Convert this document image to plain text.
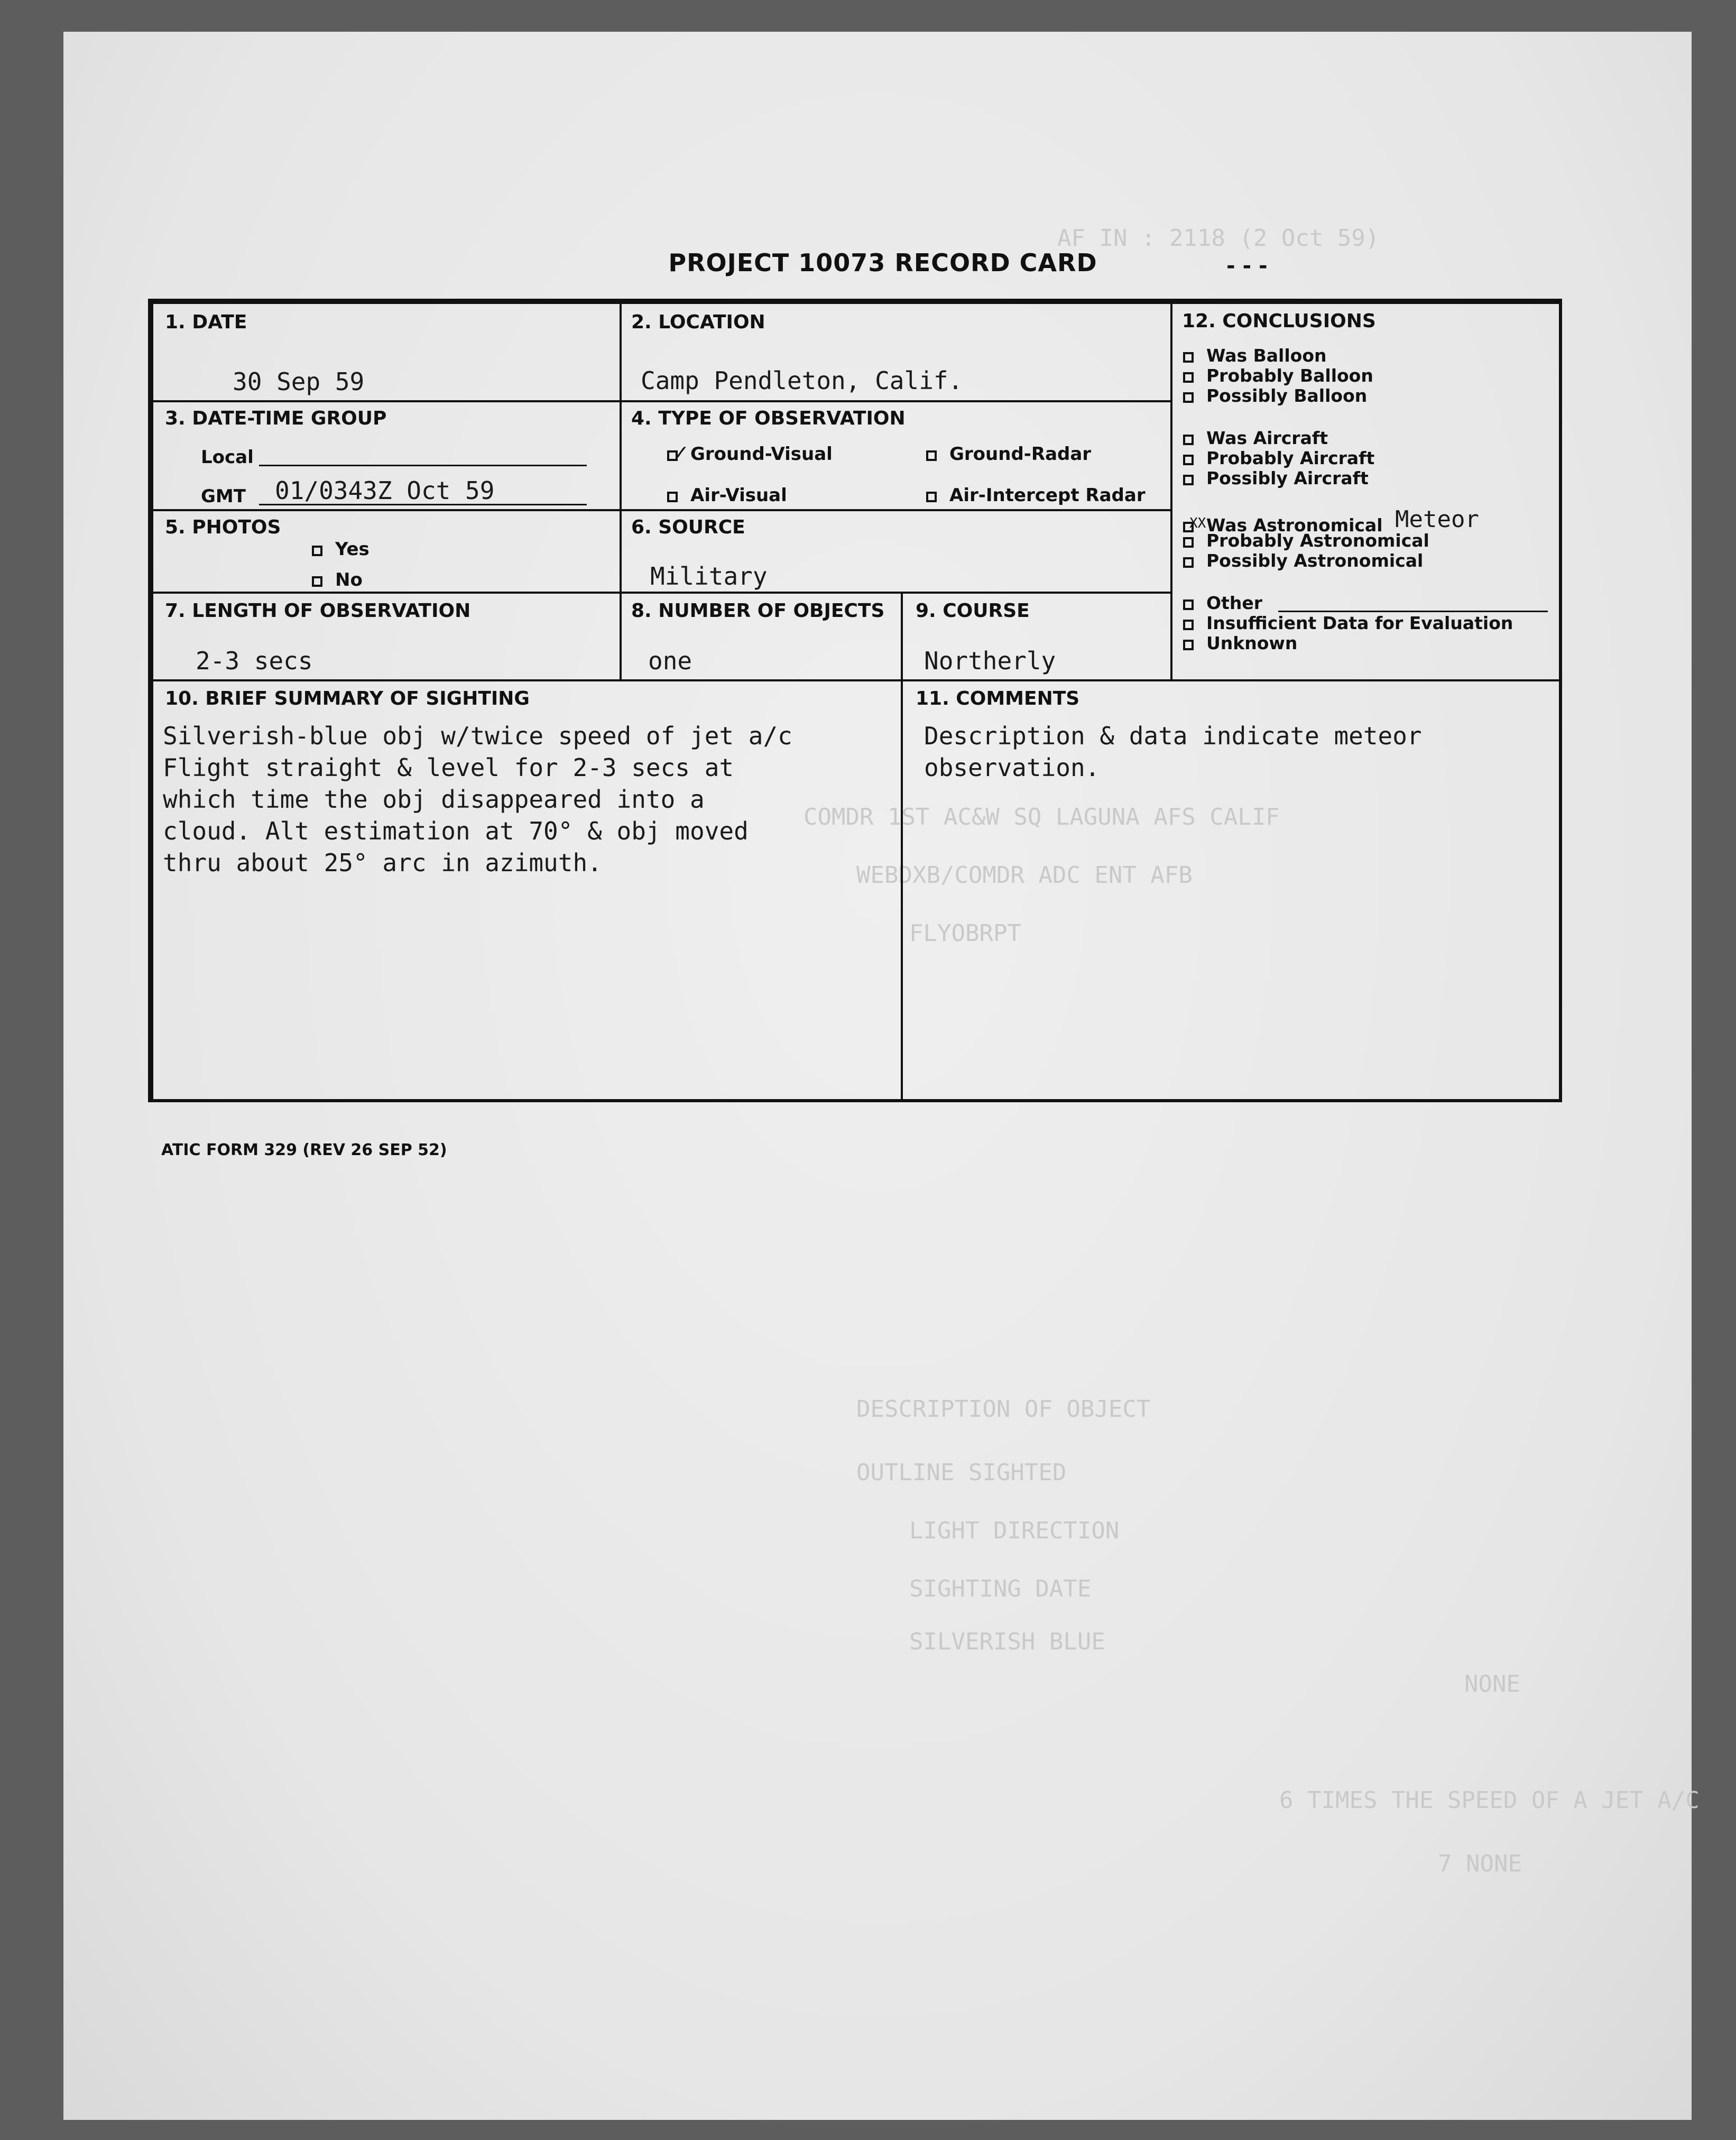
AF IN : 2118 (2 Oct 59)
COMDR 1ST AC&W SQ LAGUNA AFS CALIF
WEBDXB/COMDR ADC ENT AFB
FLYOBRPT
DESCRIPTION OF OBJECT
OUTLINE SIGHTED
LIGHT DIRECTION
SIGHTING DATE
SILVERISH BLUE
NONE
6 TIMES THE SPEED OF A JET A/C
7 NONE
PROJECT 10073 RECORD CARD	- - -
1. DATE
30 Sep 59
2. LOCATION
Camp Pendleton, Calif.
3. DATE-TIME GROUP
Local
GMT 01/0343Z Oct 59
4. TYPE OF OBSERVATION
✓ Ground-Visual	Ground-Radar
Air-Visual	Air-Intercept Radar
5. PHOTOS
Yes
No
6. SOURCE
Military
7. LENGTH OF OBSERVATION
2-3 secs
8. NUMBER OF OBJECTS
one
9. COURSE
Northerly
12. CONCLUSIONS
Was Balloon
Probably Balloon
Possibly Balloon
Was Aircraft
Probably Aircraft
Possibly Aircraft
XX Was Astronomical Meteor
Probably Astronomical
Possibly Astronomical
Other
Insufficient Data for Evaluation
Unknown
10. BRIEF SUMMARY OF SIGHTING
Silverish-blue obj w/twice speed of jet a/c
Flight straight & level for 2-3 secs at
which time the obj disappeared into a
cloud. Alt estimation at 70° & obj moved
thru about 25° arc in azimuth.
11. COMMENTS
Description & data indicate meteor
observation.
ATIC FORM 329 (REV 26 SEP 52)
